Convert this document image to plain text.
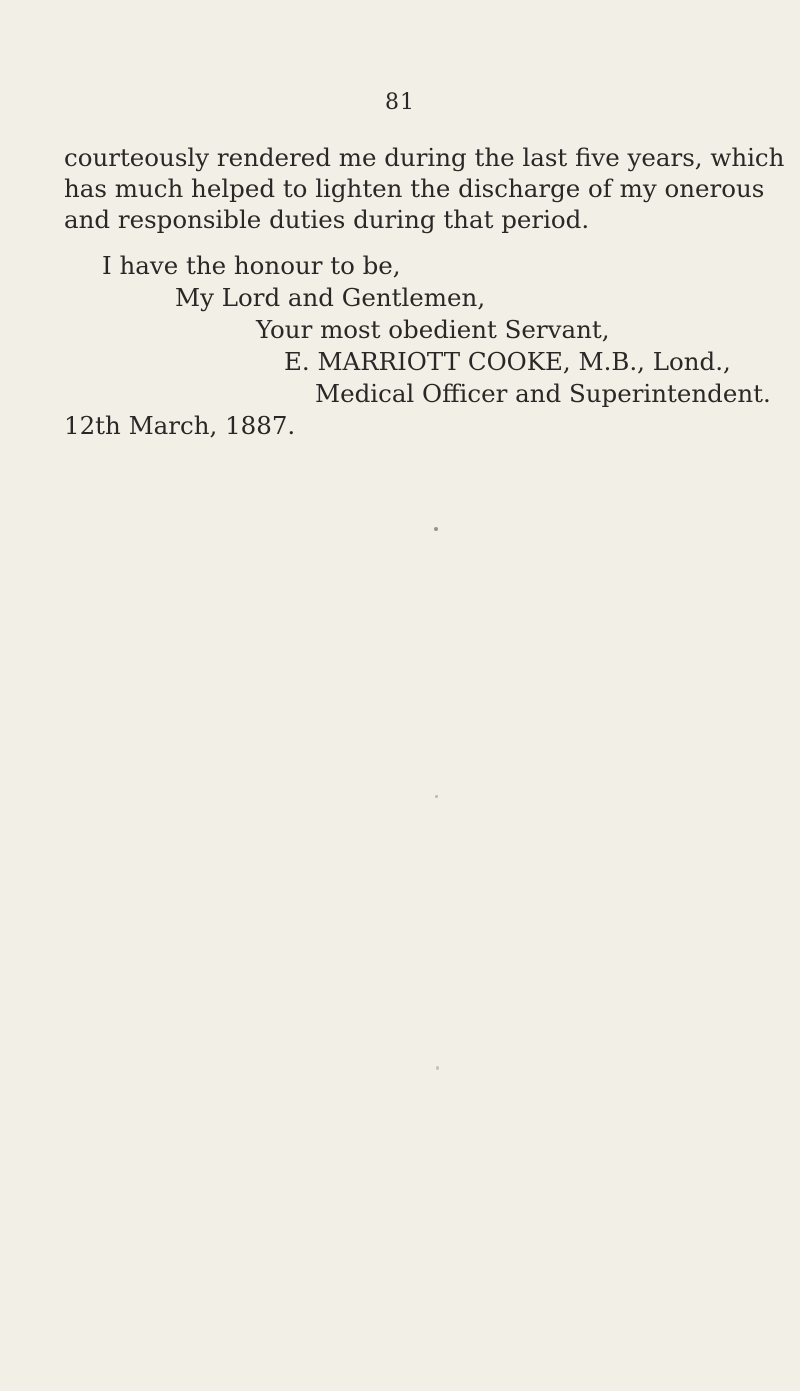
81
courteously rendered me during the last five years, which
has much helped to lighten the discharge of my onerous
and responsible duties during that period.
I have the honour to be,
My Lord and Gentlemen,
Your most obedient Servant,
E. MARRIOTT COOKE, M.B., Lond.,
Medical Officer and Superintendent.
12th March, 1887.
